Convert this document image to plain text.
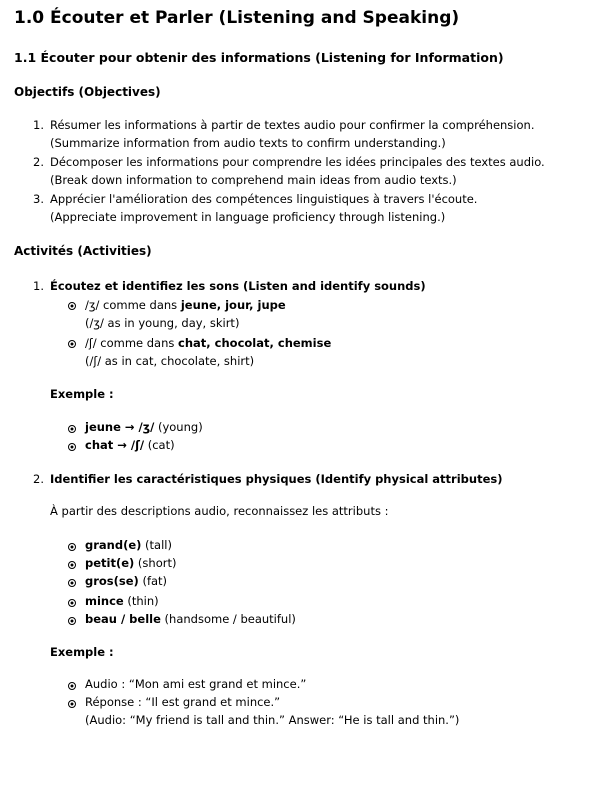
1.0 Écouter et Parler (Listening and Speaking)
1.1 Écouter pour obtenir des informations (Listening for Information)
Objectifs (Objectives)
1. Résumer les informations à partir de textes audio pour confirmer la compréhension.
(Summarize information from audio texts to confirm understanding.)
2. Décomposer les informations pour comprendre les idées principales des textes audio.
(Break down information to comprehend main ideas from audio texts.)
3. Apprécier l'amélioration des compétences linguistiques à travers l'écoute.
(Appreciate improvement in language proficiency through listening.)
Activités (Activities)
1. Écoutez et identifiez les sons (Listen and identify sounds)
/ʒ/ comme dans jeune, jour, jupe
(/ʒ/ as in young, day, skirt)
/ʃ/ comme dans chat, chocolat, chemise
(/ʃ/ as in cat, chocolate, shirt)
Exemple :
jeune → /ʒ/ (young)
chat → /ʃ/ (cat)
2. Identifier les caractéristiques physiques (Identify physical attributes)
À partir des descriptions audio, reconnaissez les attributs :
grand(e) (tall)
petit(e) (short)
gros(se) (fat)
mince (thin)
beau / belle (handsome / beautiful)
Exemple :
Audio : “Mon ami est grand et mince.”
Réponse : “Il est grand et mince.”
(Audio: “My friend is tall and thin.” Answer: “He is tall and thin.”)
